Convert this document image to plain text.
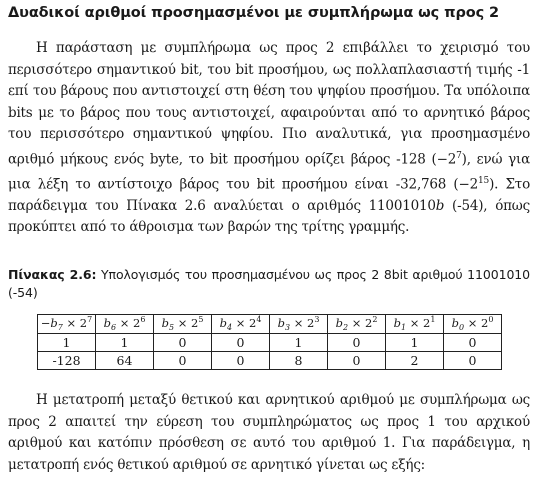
Δυαδικοί αριθμοί προσημασμένοι με συμπλήρωμα ως προς 2

Η παράσταση με συμπλήρωμα ως προς 2 επιβάλλει το χειρισμό του περισσότερο σημαντικού bit, του bit προσήμου, ως πολλαπλασιαστή τιμής -1 επί του βάρους που αντιστοιχεί στη θέση του ψηφίου προσήμου. Τα υπόλοιπα bits με το βάρος που τους αντιστοιχεί, αφαιρούνται από το αρνητικό βάρος του περισσότερο σημαντικού ψηφίου. Πιο αναλυτικά, για προσημασμένο αριθμό μήκους ενός byte, το bit προσήμου ορίζει βάρος -128 $(-2^7)$, ενώ για μια λέξη το αντίστοιχο βάρος του bit προσήμου είναι -32,768 $(-2^{15})$. Στο παράδειγμα του Πίνακα 2.6 αναλύεται ο αριθμός 11001010b (-54), όπως προκύπτει από το άθροισμα των βαρών της τρίτης γραμμής.

Πίνακας 2.6: Υπολογισμός του προσημασμένου ως προς 2 8bit αριθμού 11001010 (-54)
$-b_7 \times 2^7$	$b_6 \times 2^6$	$b_5 \times 2^5$	$b_4 \times 2^4$	$b_3 \times 2^3$	$b_2 \times 2^2$	$b_1 \times 2^1$	$b_0 \times 2^0$
1	1	0	0	1	0	1	0
-128	64	0	0	8	0	2	0

Η μετατροπή μεταξύ θετικού και αρνητικού αριθμού με συμπλήρωμα ως προς 2 απαιτεί την εύρεση του συμπληρώματος ως προς 1 του αρχικού αριθμού και κατόπιν πρόσθεση σε αυτό του αριθμού 1. Για παράδειγμα, η μετατροπή ενός θετικού αριθμού σε αρνητικό γίνεται ως εξής:
